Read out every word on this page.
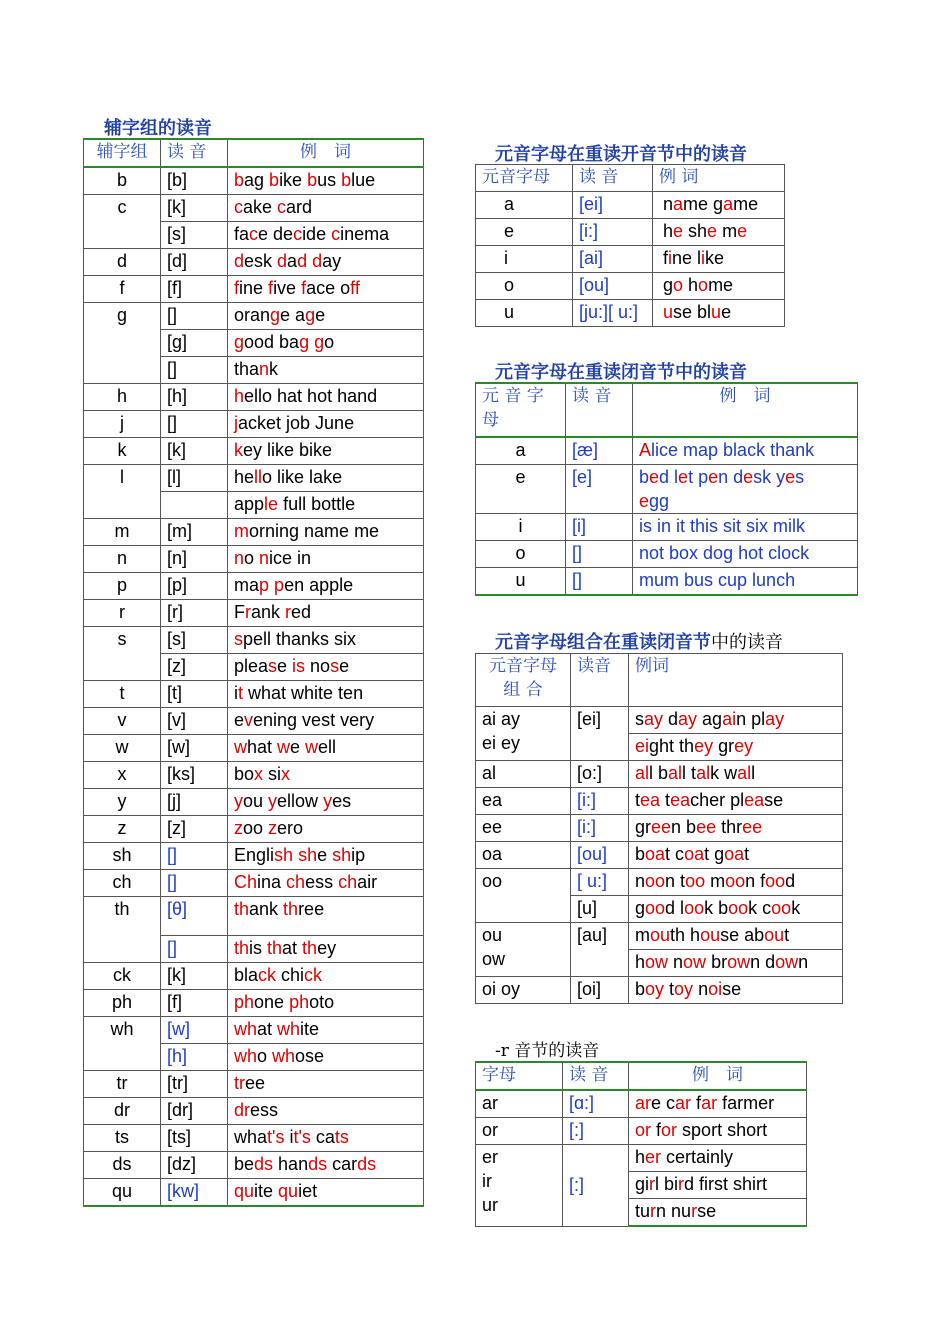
辅字组的读音
辅字组	读 音	例　词
b	[b]	bag bike bus blue
c	[k]	cake card
	[s]	face decide cinema
d	[d]	desk dad day
f	[f]	fine five face off
g	[]	orange age
	[g]	good bag go
	[]	thank
h	[h]	hello hat hot hand
j	[]	jacket job June
k	[k]	key like bike
l	[l]	hello like lake
		apple full bottle
m	[m]	morning name me
n	[n]	no nice in
p	[p]	map pen apple
r	[r]	Frank red
s	[s]	spell thanks six
	[z]	please is nose
t	[t]	it what white ten
v	[v]	evening vest very
w	[w]	what we well
x	[ks]	box six
y	[j]	you yellow yes
z	[z]	zoo zero
sh	[]	English she ship
ch	[]	China chess chair
th	[θ]	thank three
	[]	this that they
ck	[k]	black chick
ph	[f]	phone photo
wh	[w]	what white
	[h]	who whose
tr	[tr]	tree
dr	[dr]	dress
ts	[ts]	what's it's cats
ds	[dz]	beds hands cards
qu	[kw]	quite quiet
元音字母在重读开音节中的读音
元音字母	读 音	例 词
a	[ei]	name game
e	[i:]	he she me
i	[ai]	fine like
o	[ou]	go home
u	[ju:][ u:]	use blue
元音字母在重读闭音节中的读音
元 音 字 母	读 音	例　词
a	[æ]	Alice map black thank
e	[e]	bed let pen desk yes
egg
i	[i]	is in it this sit six milk
o	[]	not box dog hot clock
u	[]	mum bus cup lunch
元音字母组合在重读闭音节中的读音
元音字母
组 合	读音	例词
ai ay
ei ey	[ei]	say day again play
		eight they grey
al	[o:]	all ball talk wall
ea	[i:]	tea teacher please
ee	[i:]	green bee three
oa	[ou]	boat coat goat
oo	[ u:]	noon too moon food
	[u]	good look book cook
ou
ow	[au]	mouth house about
		how now brown down
oi oy	[oi]	boy toy noise
-r 音节的读音
字母	读 音	例　词
ar	[ɑ:]	are car far farmer
or	[:]	or for sport short
er
ir
ur	[:]	her certainly
		girl bird first shirt
		turn nurse
